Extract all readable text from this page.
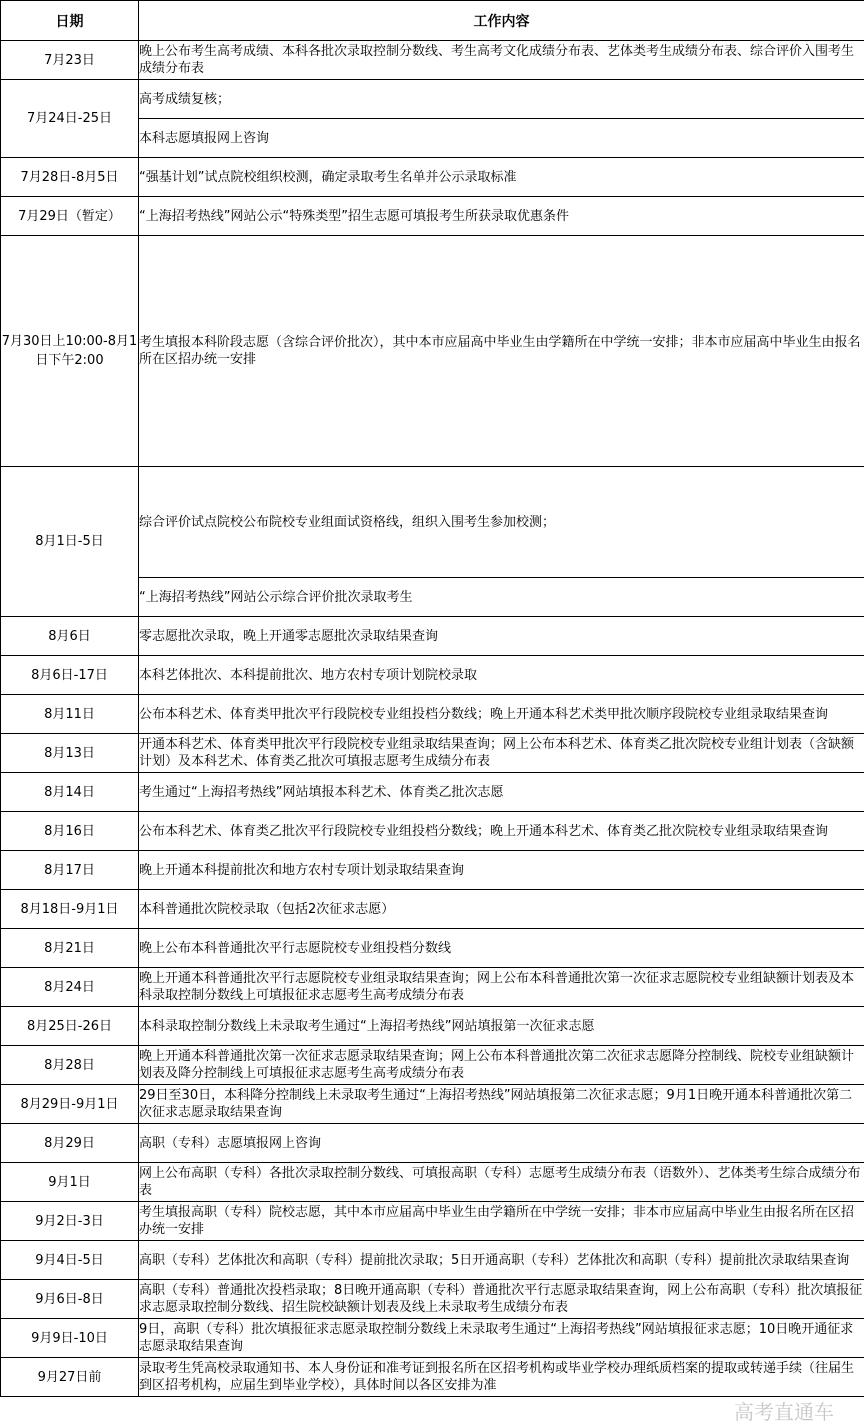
日期	工作内容
7月23日	晚上公布考生高考成绩、本科各批次录取控制分数线、考生高考文化成绩分布表、艺体类考生成绩分布表、综合评价入围考生成绩分布表
7月24日-25日	高考成绩复核；
	本科志愿填报网上咨询
7月28日-8月5日	“强基计划”试点院校组织校测，确定录取考生名单并公示录取标准
7月29日（暂定）	“上海招考热线”网站公示“特殊类型”招生志愿可填报考生所获录取优惠条件
7月30日上10:00-8月1日下午2:00	考生填报本科阶段志愿（含综合评价批次），其中本市应届高中毕业生由学籍所在中学统一安排；非本市应届高中毕业生由报名所在区招办统一安排
8月1日-5日	综合评价试点院校公布院校专业组面试资格线，组织入围考生参加校测；
	“上海招考热线”网站公示综合评价批次录取考生
8月6日	零志愿批次录取，晚上开通零志愿批次录取结果查询
8月6日-17日	本科艺体批次、本科提前批次、地方农村专项计划院校录取
8月11日	公布本科艺术、体育类甲批次平行段院校专业组投档分数线；晚上开通本科艺术类甲批次顺序段院校专业组录取结果查询
8月13日	开通本科艺术、体育类甲批次平行段院校专业组录取结果查询；网上公布本科艺术、体育类乙批次院校专业组计划表（含缺额计划）及本科艺术、体育类乙批次可填报志愿考生成绩分布表
8月14日	考生通过“上海招考热线”网站填报本科艺术、体育类乙批次志愿
8月16日	公布本科艺术、体育类乙批次平行段院校专业组投档分数线；晚上开通本科艺术、体育类乙批次院校专业组录取结果查询
8月17日	晚上开通本科提前批次和地方农村专项计划录取结果查询
8月18日-9月1日	本科普通批次院校录取（包括2次征求志愿）
8月21日	晚上公布本科普通批次平行志愿院校专业组投档分数线
8月24日	晚上开通本科普通批次平行志愿院校专业组录取结果查询；网上公布本科普通批次第一次征求志愿院校专业组缺额计划表及本科录取控制分数线上可填报征求志愿考生高考成绩分布表
8月25日-26日	本科录取控制分数线上未录取考生通过“上海招考热线”网站填报第一次征求志愿
8月28日	晚上开通本科普通批次第一次征求志愿录取结果查询；网上公布本科普通批次第二次征求志愿降分控制线、院校专业组缺额计划表及降分控制线上可填报征求志愿考生高考成绩分布表
8月29日-9月1日	29日至30日，本科降分控制线上未录取考生通过“上海招考热线”网站填报第二次征求志愿；9月1日晚开通本科普通批次第二次征求志愿录取结果查询
8月29日	高职（专科）志愿填报网上咨询
9月1日	网上公布高职（专科）各批次录取控制分数线、可填报高职（专科）志愿考生成绩分布表（语数外）、艺体类考生综合成绩分布表
9月2日-3日	考生填报高职（专科）院校志愿，其中本市应届高中毕业生由学籍所在中学统一安排；非本市应届高中毕业生由报名所在区招办统一安排
9月4日-5日	高职（专科）艺体批次和高职（专科）提前批次录取；5日开通高职（专科）艺体批次和高职（专科）提前批次录取结果查询
9月6日-8日	高职（专科）普通批次投档录取；8日晚开通高职（专科）普通批次平行志愿录取结果查询，网上公布高职（专科）批次填报征求志愿录取控制分数线、招生院校缺额计划表及线上未录取考生成绩分布表
9月9日-10日	9日，高职（专科）批次填报征求志愿录取控制分数线上未录取考生通过“上海招考热线”网站填报征求志愿；10日晚开通征求志愿录取结果查询
9月27日前	录取考生凭高校录取通知书、本人身份证和准考证到报名所在区招考机构或毕业学校办理纸质档案的提取或转递手续（往届生到区招考机构，应届生到毕业学校），具体时间以各区安排为准
高考直通车
